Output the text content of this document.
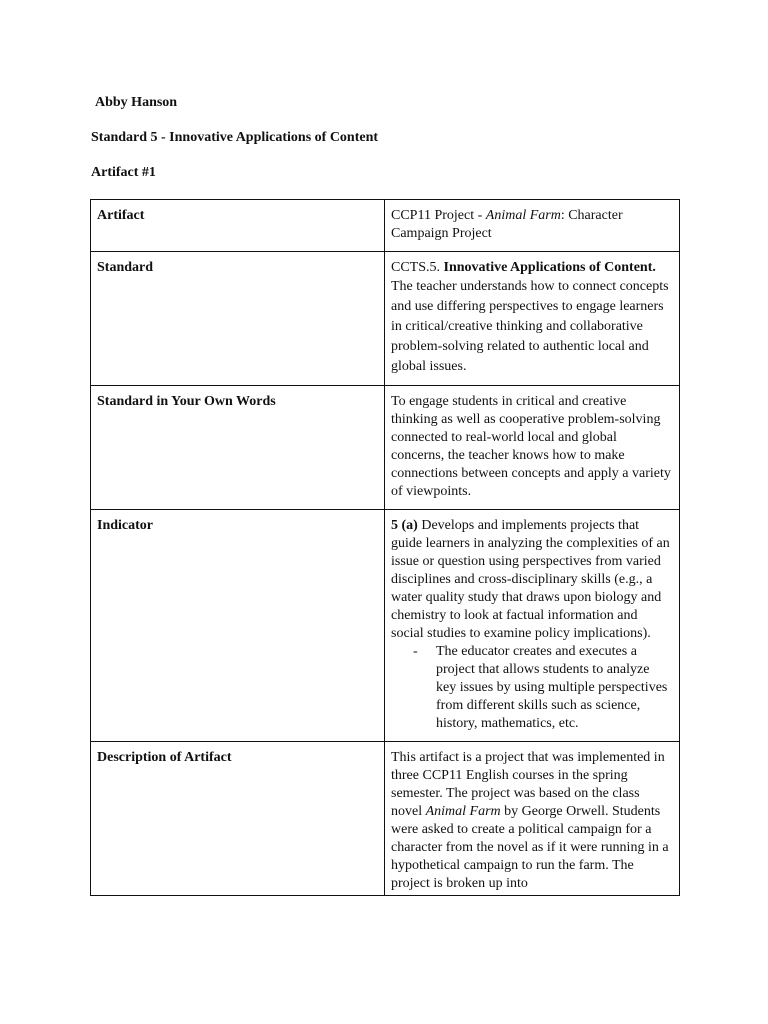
Abby Hanson
Standard 5 - Innovative Applications of Content
Artifact #1
Artifact	CCP11 Project - Animal Farm: Character Campaign Project
Standard	CCTS.5. Innovative Applications of Content.
The teacher understands how to connect concepts and use differing perspectives to engage learners in critical/creative thinking and collaborative problem-solving related to authentic local and global issues.
Standard in Your Own Words	To engage students in critical and creative thinking as well as cooperative problem-solving connected to real-world local and global concerns, the teacher knows how to make connections between concepts and apply a variety of viewpoints.
Indicator	5 (a) Develops and implements projects that guide learners in analyzing the complexities of an issue or question using perspectives from varied disciplines and cross-disciplinary skills (e.g., a water quality study that draws upon biology and chemistry to look at factual information and social studies to examine policy implications).
- The educator creates and executes a project that allows students to analyze key issues by using multiple perspectives from different skills such as science, history, mathematics, etc.

Description of Artifact	This artifact is a project that was implemented in three CCP11 English courses in the spring semester. The project was based on the class novel Animal Farm by George Orwell. Students were asked to create a political campaign for a character from the novel as if it were running in a hypothetical campaign to run the farm. The project is broken up into
